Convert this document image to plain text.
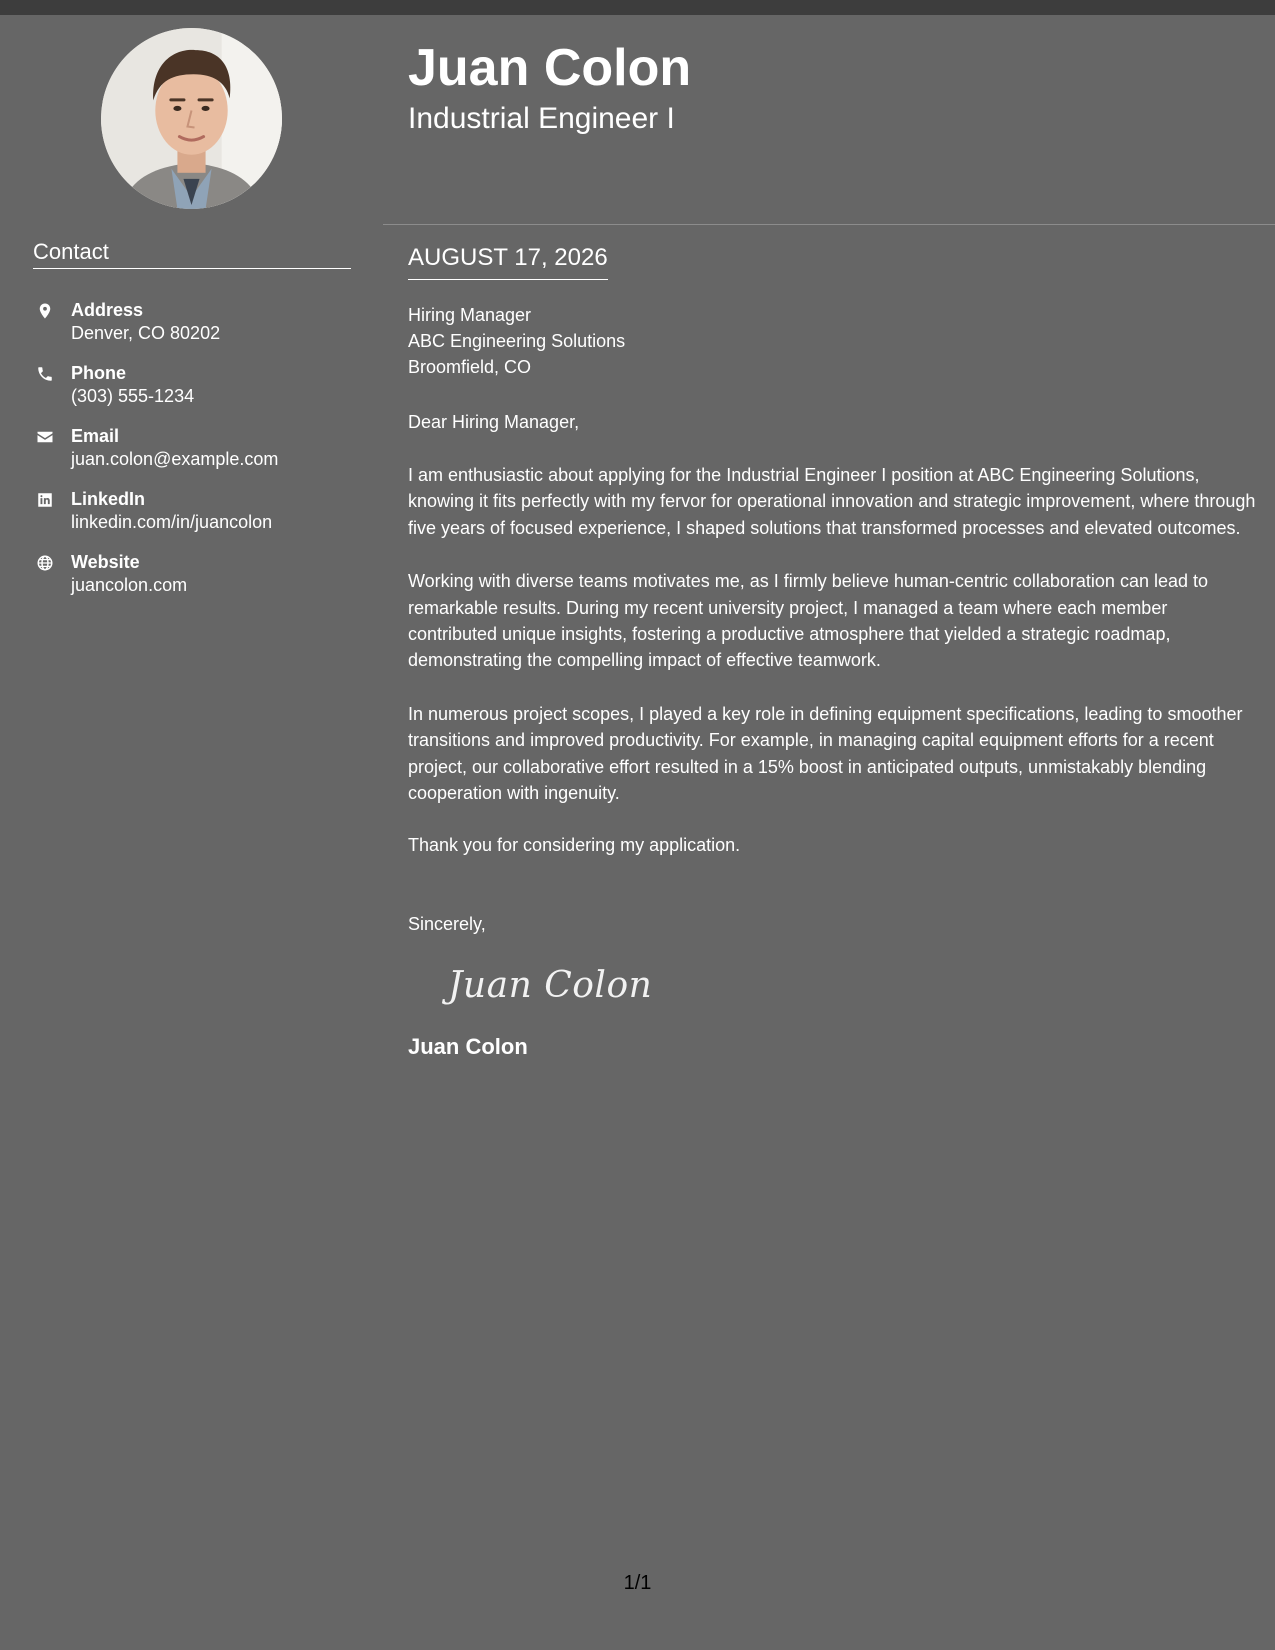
Contact
Address
Denver, CO 80202
Phone
(303) 555-1234
Email
juan.colon@example.com
LinkedIn
linkedin.com/in/juancolon
Website
juancolon.com
Juan Colon
Industrial Engineer I
AUGUST 17, 2026
Hiring Manager
ABC Engineering Solutions
Broomfield, CO

Dear Hiring Manager,

I am enthusiastic about applying for the Industrial Engineer I position at ABC Engineering Solutions, knowing it fits perfectly with my fervor for operational innovation and strategic improvement, where through five years of focused experience, I shaped solutions that transformed processes and elevated outcomes.

Working with diverse teams motivates me, as I firmly believe human-centric collaboration can lead to remarkable results. During my recent university project, I managed a team where each member contributed unique insights, fostering a productive atmosphere that yielded a strategic roadmap, demonstrating the compelling impact of effective teamwork.

In numerous project scopes, I played a key role in defining equipment specifications, leading to smoother transitions and improved productivity. For example, in managing capital equipment efforts for a recent project, our collaborative effort resulted in a 15% boost in anticipated outputs, unmistakably blending cooperation with ingenuity.

Thank you for considering my application.

Sincerely,

Juan Colon
Juan Colon
1/1
